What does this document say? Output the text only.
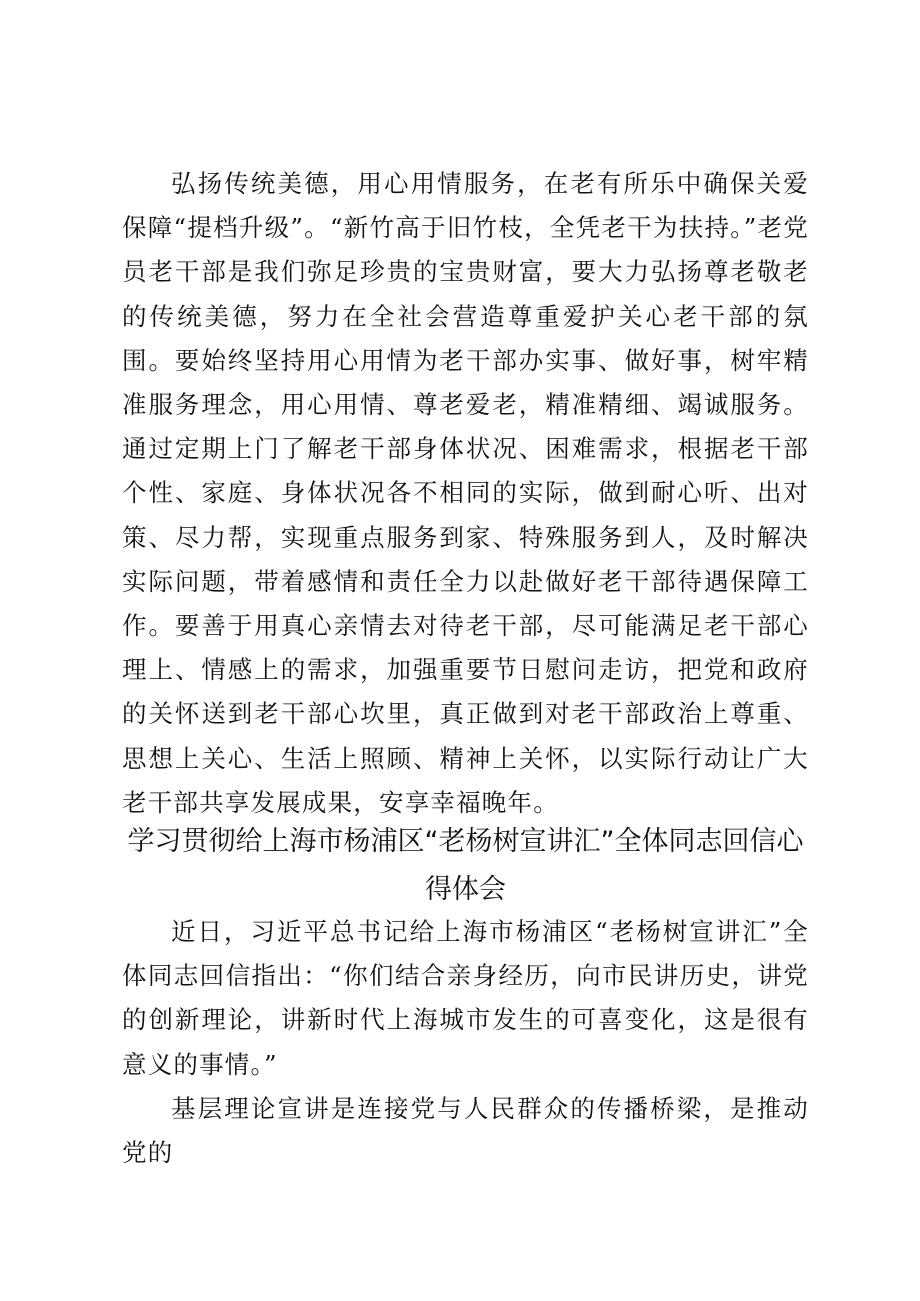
弘扬传统美德，用心用情服务，在老有所乐中确保关爱保障“提档升级”。“新竹高于旧竹枝，全凭老干为扶持。”老党员老干部是我们弥足珍贵的宝贵财富，要大力弘扬尊老敬老的传统美德，努力在全社会营造尊重爱护关心老干部的氛围。要始终坚持用心用情为老干部办实事、做好事，树牢精准服务理念，用心用情、尊老爱老，精准精细、竭诚服务。通过定期上门了解老干部身体状况、困难需求，根据老干部个性、家庭、身体状况各不相同的实际，做到耐心听、出对策、尽力帮，实现重点服务到家、特殊服务到人，及时解决实际问题，带着感情和责任全力以赴做好老干部待遇保障工作。要善于用真心亲情去对待老干部，尽可能满足老干部心理上、情感上的需求，加强重要节日慰问走访，把党和政府的关怀送到老干部心坎里，真正做到对老干部政治上尊重、思想上关心、生活上照顾、精神上关怀，以实际行动让广大老干部共享发展成果，安享幸福晚年。

学习贯彻给上海市杨浦区“老杨树宣讲汇”全体同志回信心得体会

近日，习近平总书记给上海市杨浦区“老杨树宣讲汇”全体同志回信指出：“你们结合亲身经历，向市民讲历史，讲党的创新理论，讲新时代上海城市发生的可喜变化，这是很有意义的事情。”

基层理论宣讲是连接党与人民群众的传播桥梁，是推动党的
